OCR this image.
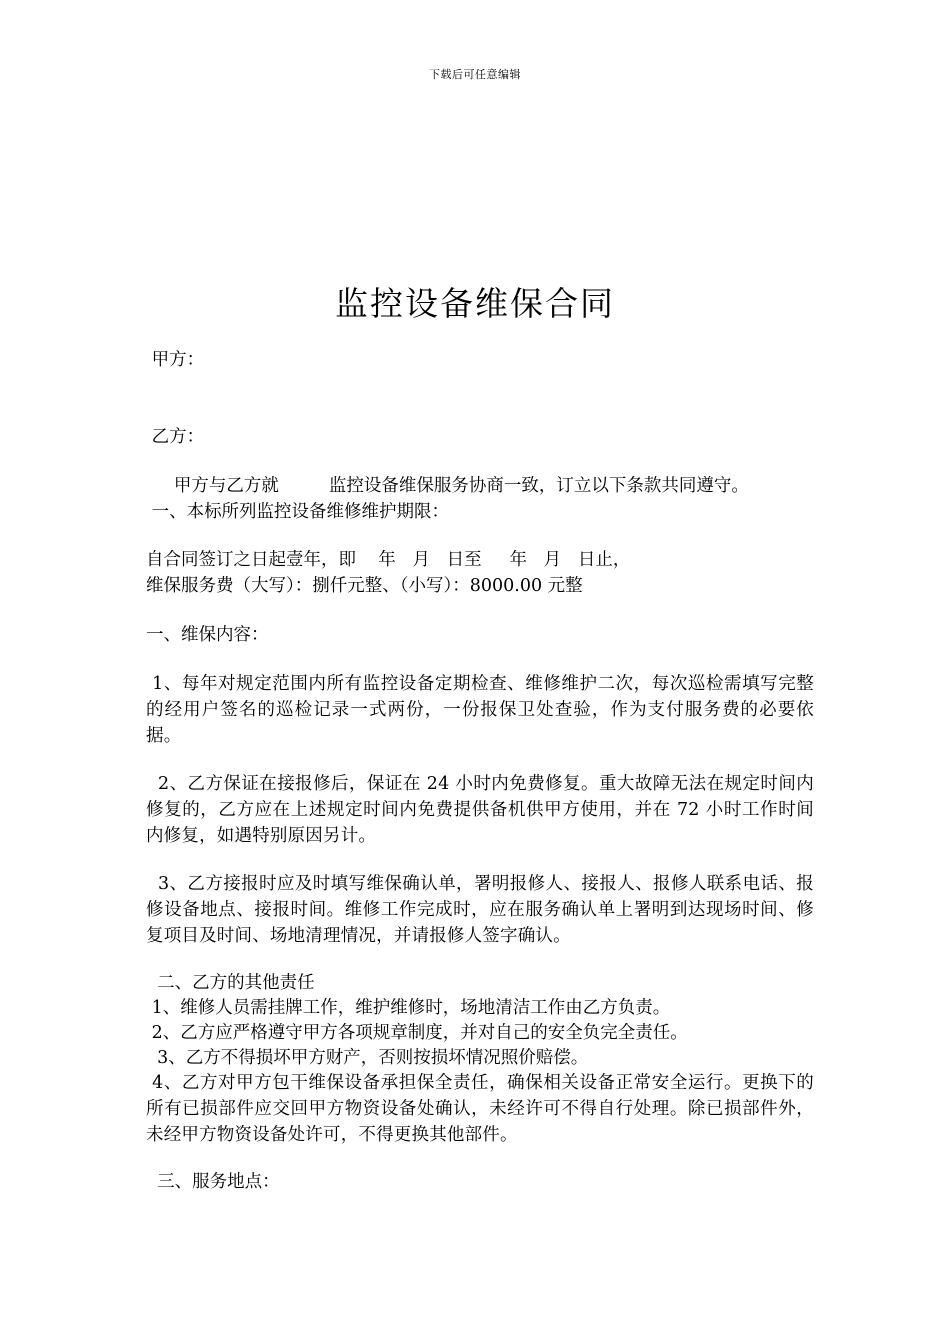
下载后可任意编辑
监控设备维保合同
甲方：
乙方：
甲方与乙方就         监控设备维保服务协商一致，订立以下条款共同遵守。
一、本标所列监控设备维修维护期限：
自合同签订之日起壹年，即    年   月   日至     年   月   日止，
维保服务费（大写）：捌仟元整、（小写）：8000.00 元整
一、维保内容：
1、每年对规定范围内所有监控设备定期检查、维修维护二次，每次巡检需填写完整的经用户签名的巡检记录一式两份，一份报保卫处查验，作为支付服务费的必要依据。
2、乙方保证在接报修后，保证在 24 小时内免费修复。重大故障无法在规定时间内修复的，乙方应在上述规定时间内免费提供备机供甲方使用，并在 72 小时工作时间内修复，如遇特别原因另计。
3、乙方接报时应及时填写维保确认单，署明报修人、接报人、报修人联系电话、报修设备地点、接报时间。维修工作完成时，应在服务确认单上署明到达现场时间、修复项目及时间、场地清理情况，并请报修人签字确认。
二、乙方的其他责任
1、维修人员需挂牌工作，维护维修时，场地清洁工作由乙方负责。
2、乙方应严格遵守甲方各项规章制度，并对自己的安全负完全责任。
3、乙方不得损坏甲方财产，否则按损坏情况照价赔偿。
4、乙方对甲方包干维保设备承担保全责任，确保相关设备正常安全运行。更换下的所有已损部件应交回甲方物资设备处确认，未经许可不得自行处理。除已损部件外，未经甲方物资设备处许可，不得更换其他部件。
三、服务地点：
